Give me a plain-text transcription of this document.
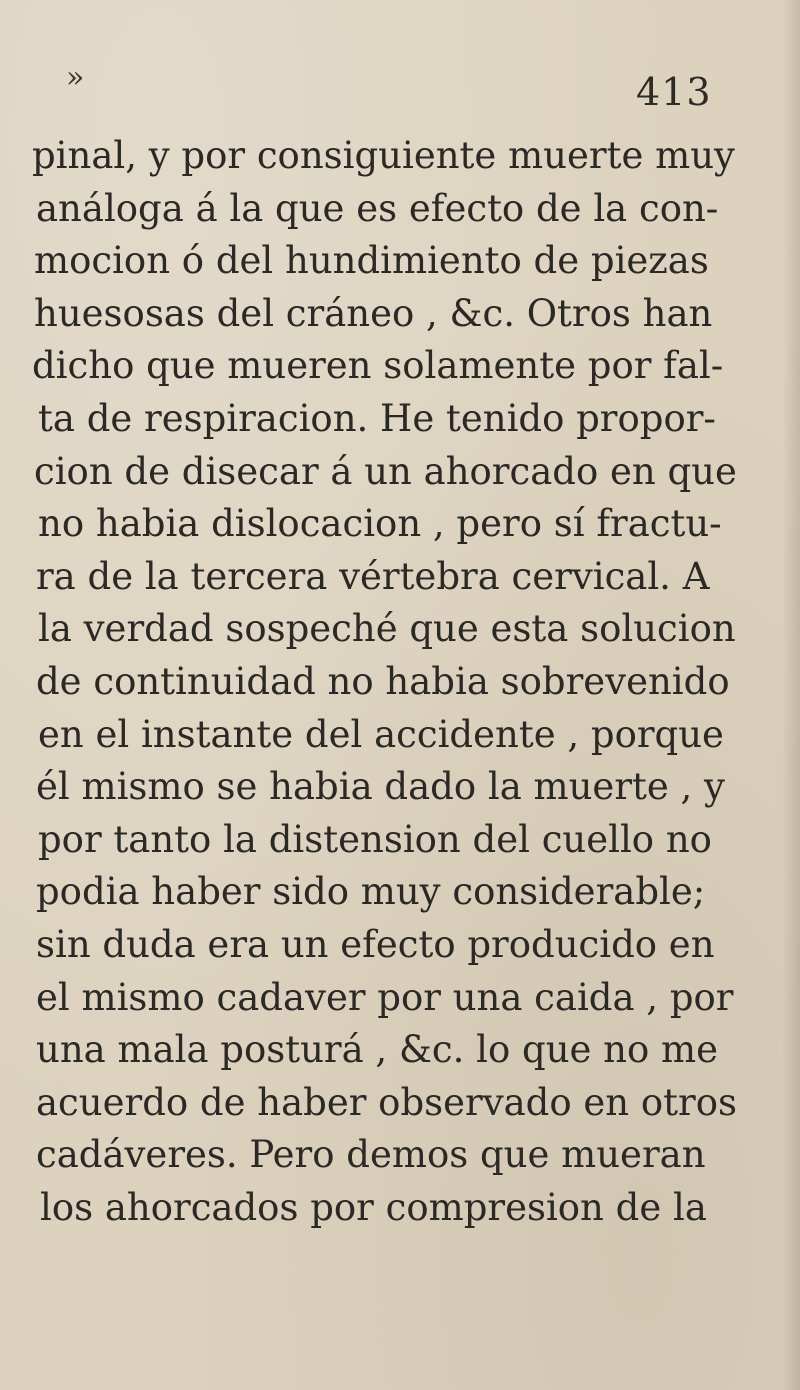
»	413
pinal, y por consiguiente muerte muy
análoga á la que es efecto de la con-
mocion ó del hundimiento de piezas
huesosas del cráneo , &c. Otros han
dicho que mueren solamente por fal-
ta de respiracion. He tenido propor-
cion de disecar á un ahorcado en que
no habia dislocacion , pero sí fractu-
ra de la tercera vértebra cervical. A
la verdad sospeché que esta solucion
de continuidad no habia sobrevenido
en el instante del accidente , porque
él mismo se habia dado la muerte , y
por tanto la distension del cuello no
podia haber sido muy considerable;
sin duda era un efecto producido en
el mismo cadaver por una caida , por
una mala posturá , &c. lo que no me
acuerdo de haber observado en otros
cadáveres. Pero demos que mueran
los ahorcados por compresion de la
